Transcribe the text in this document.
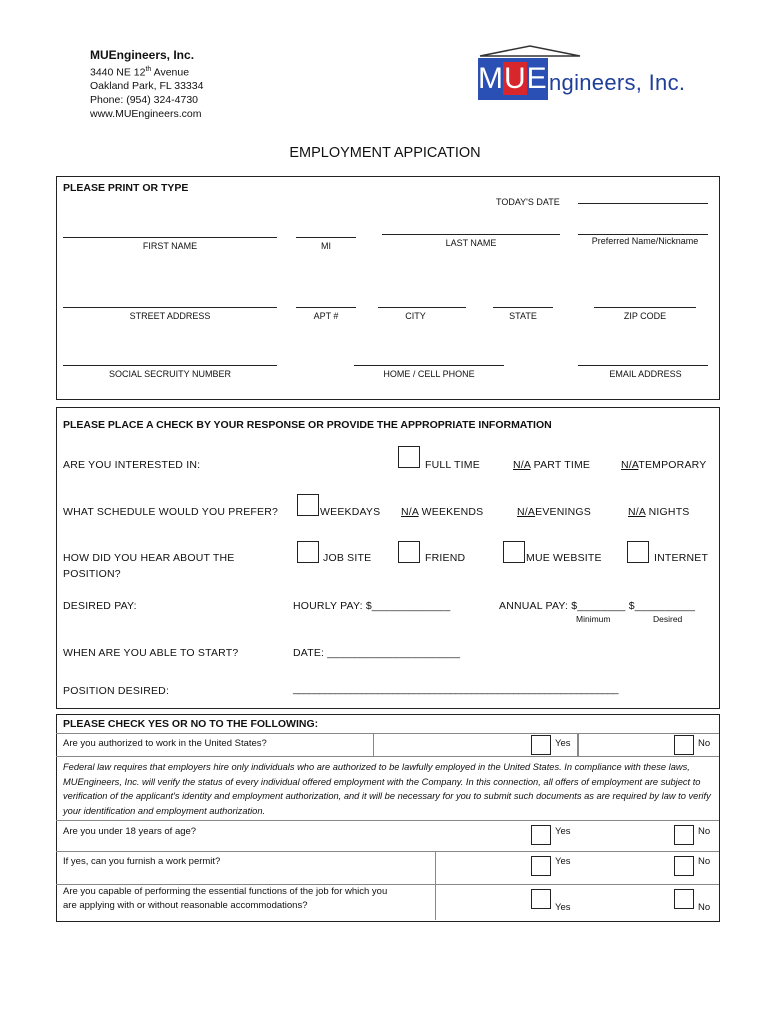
MUEngineers, Inc.
3440 NE 12th Avenue
Oakland Park, FL 33334
Phone: (954) 324-4730
www.MUEngineers.com
MUE ngineers, Inc.
EMPLOYMENT APPICATION
PLEASE PRINT OR TYPE
TODAY'S DATE
FIRST NAME	MI	LAST NAME	Preferred Name/Nickname
STREET ADDRESS	APT #	CITY	STATE	ZIP CODE
SOCIAL SECRUITY NUMBER	HOME / CELL PHONE	EMAIL ADDRESS
PLEASE PLACE A CHECK BY YOUR RESPONSE OR PROVIDE THE APPROPRIATE INFORMATION
ARE YOU INTERESTED IN:	FULL TIME	N/A PART TIME	N/ATEMPORARY
WHAT SCHEDULE WOULD YOU PREFER?	WEEKDAYS N/A WEEKENDS	N/AEVENINGS	N/A NIGHTS
HOW DID YOU HEAR ABOUT THE
POSITION?
JOB SITE	FRIEND	MUE WEBSITE	INTERNET
DESIRED PAY:	HOURLY PAY: $_____________	ANNUAL PAY: $________ $__________
Minimum	Desired
WHEN ARE YOU ABLE TO START?	DATE: ______________________
POSITION DESIRED:	______________________________________________________________
PLEASE CHECK YES OR NO TO THE FOLLOWING:
Are you authorized to work in the United States?	Yes	No
Federal law requires that employers hire only individuals who are authorized to be lawfully employed in the United States. In compliance with these laws, MUEngineers, Inc. will verify the status of every individual offered employment with the Company. In this connection, all offers of employment are subject to verification of the applicant's identity and employment authorization, and it will be necessary for you to submit such documents as are required by law to verify your identification and employment authorization.
Are you under 18 years of age?	Yes	No
If yes, can you furnish a work permit?	Yes	No
Are you capable of performing the essential functions of the job for which you
are applying with or without reasonable accommodations?	Yes	No
